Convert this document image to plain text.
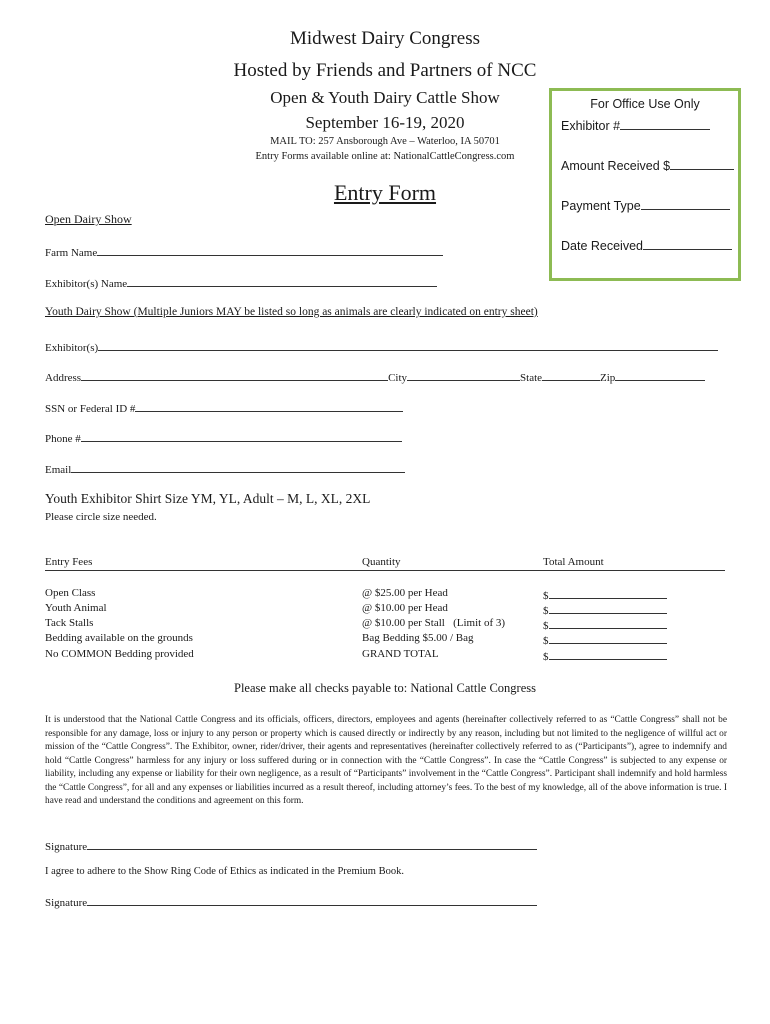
Midwest Dairy Congress
Hosted by Friends and Partners of NCC
Open & Youth Dairy Cattle Show
September 16-19, 2020
MAIL TO: 257 Ansborough Ave – Waterloo, IA 50701
Entry Forms available online at: NationalCattleCongress.com
Entry Form
For Office Use Only
Exhibitor #
Amount Received $
Payment Type
Date Received
Open Dairy Show
Farm Name
Exhibitor(s) Name
Youth Dairy Show (Multiple Juniors MAY be listed so long as animals are clearly indicated on entry sheet)
Exhibitor(s)
Address	City	State	Zip
SSN or Federal ID #
Phone #
Email
Youth Exhibitor Shirt Size YM, YL, Adult – M, L, XL, 2XL
Please circle size needed.
Entry Fees	Quantity	Total Amount
Open Class	@ $25.00 per Head	$
Youth Animal	@ $10.00 per Head	$
Tack Stalls	@ $10.00 per Stall   (Limit of 3)	$
Bedding available on the grounds	Bag Bedding $5.00 / Bag	$
No COMMON Bedding provided	GRAND TOTAL	$
Please make all checks payable to: National Cattle Congress
It is understood that the National Cattle Congress and its officials, officers, directors, employees and agents (hereinafter collectively referred to as “Cattle Congress” shall not be responsible for any damage, loss or injury to any person or property which is caused directly or indirectly by any reason, including but not limited to the negligence of willful act or mission of the “Cattle Congress”. The Exhibitor, owner, rider/driver, their agents and representatives (hereinafter collectively referred to as (“Participants”), agree to indemnify and hold “Cattle Congress” harmless for any injury or loss suffered during or in connection with the “Cattle Congress”. In case the “Cattle Congress” is subjected to any expense or liability, including any expense or liability for their own negligence, as a result of “Participants” involvement in the “Cattle Congress”. Participant shall indemnify and hold harmless the “Cattle Congress”, for all and any expenses or liabilities incurred as a result thereof, including attorney’s fees. To the best of my knowledge, all of the above information is true. I have read and understand the conditions and agreement on this form.
Signature
I agree to adhere to the Show Ring Code of Ethics as indicated in the Premium Book.
Signature
